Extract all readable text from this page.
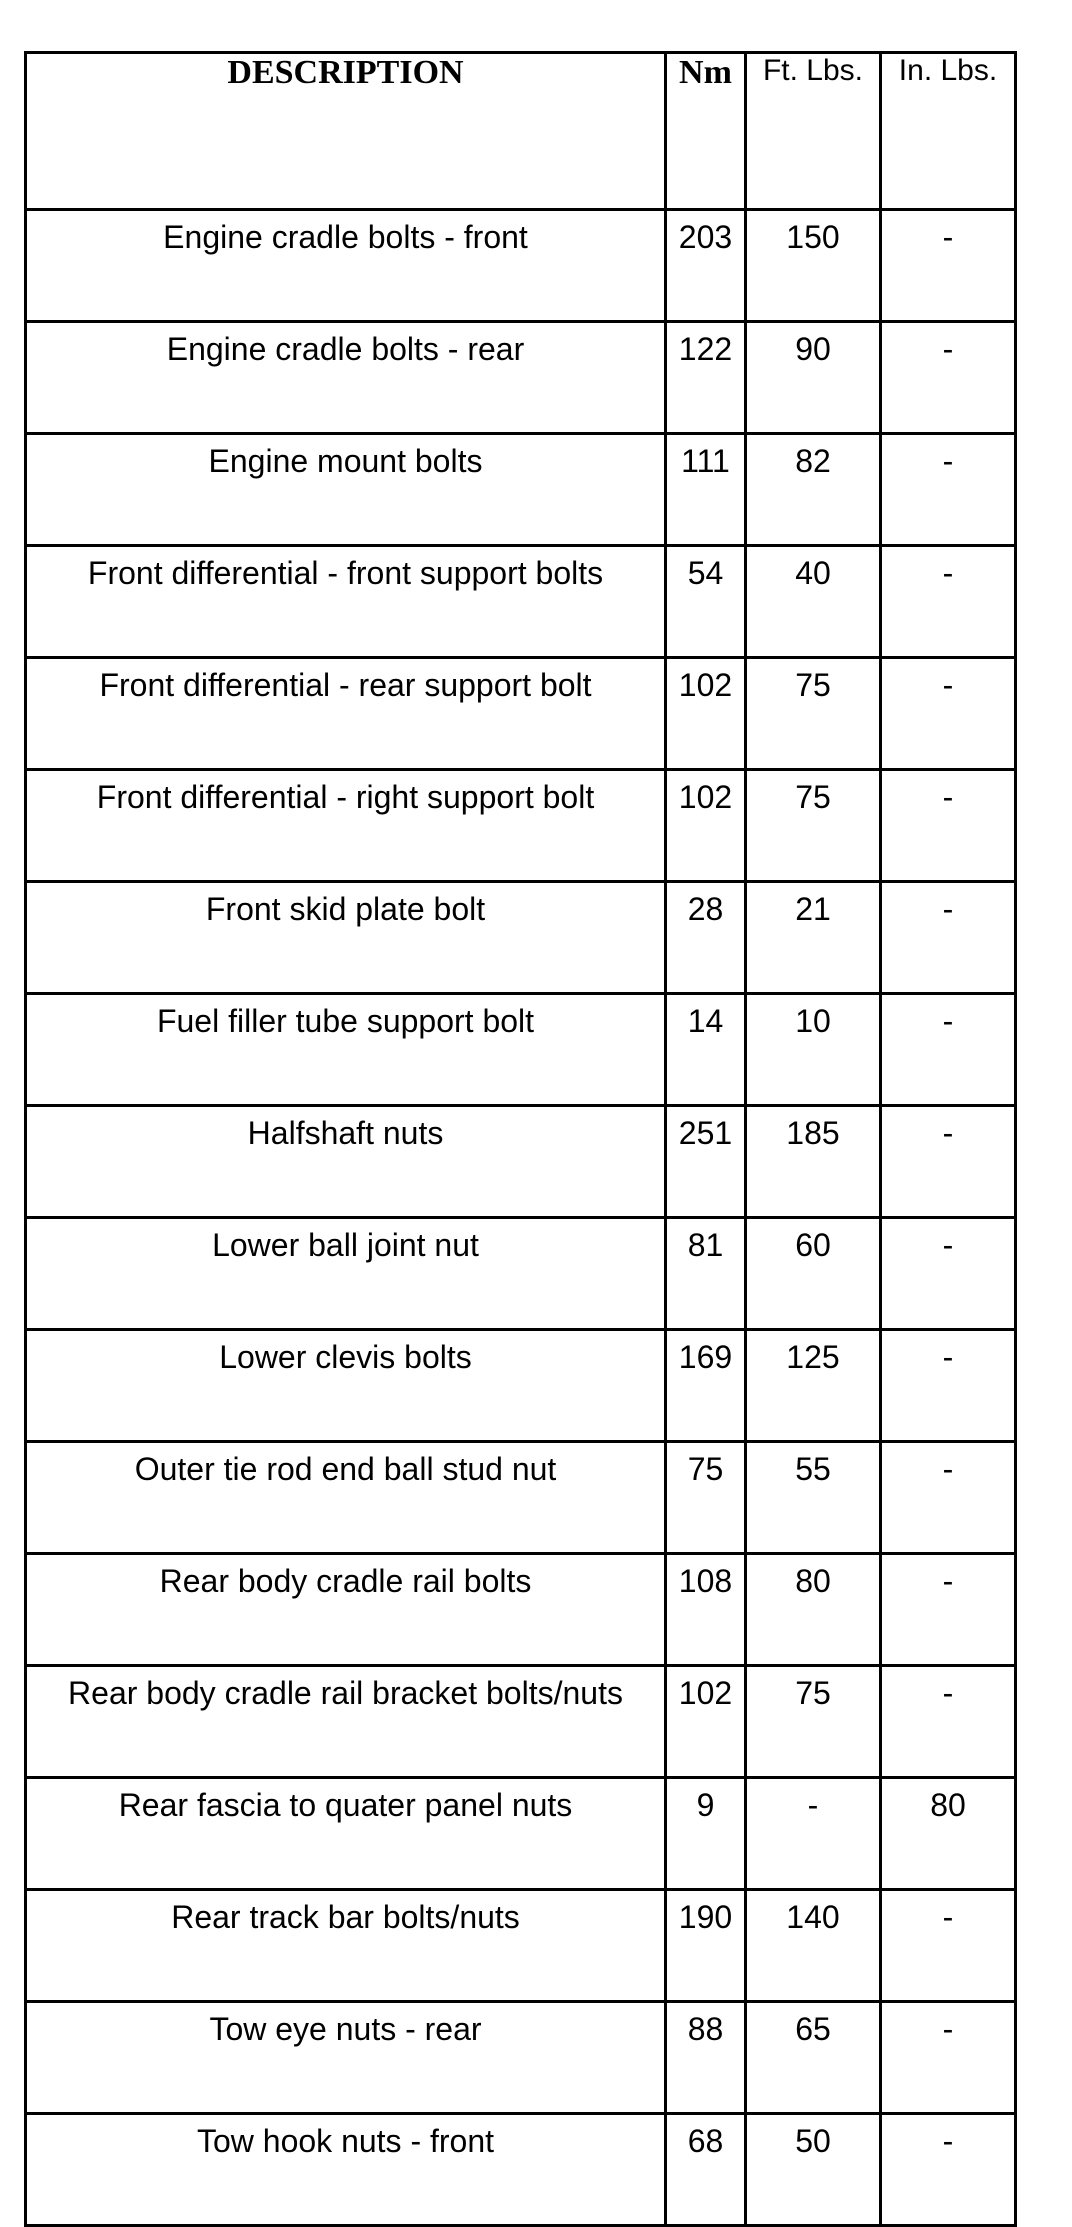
DESCRIPTION	Nm	Ft. Lbs.	In. Lbs.
Engine cradle bolts - front	203	150	-
Engine cradle bolts - rear	122	90	-
Engine mount bolts	111	82	-
Front differential - front support bolts	54	40	-
Front differential - rear support bolt	102	75	-
Front differential - right support bolt	102	75	-
Front skid plate bolt	28	21	-
Fuel filler tube support bolt	14	10	-
Halfshaft nuts	251	185	-
Lower ball joint nut	81	60	-
Lower clevis bolts	169	125	-
Outer tie rod end ball stud nut	75	55	-
Rear body cradle rail bolts	108	80	-
Rear body cradle rail bracket bolts/nuts	102	75	-
Rear fascia to quater panel nuts	9	-	80
Rear track bar bolts/nuts	190	140	-
Tow eye nuts - rear	88	65	-
Tow hook nuts - front	68	50	-
